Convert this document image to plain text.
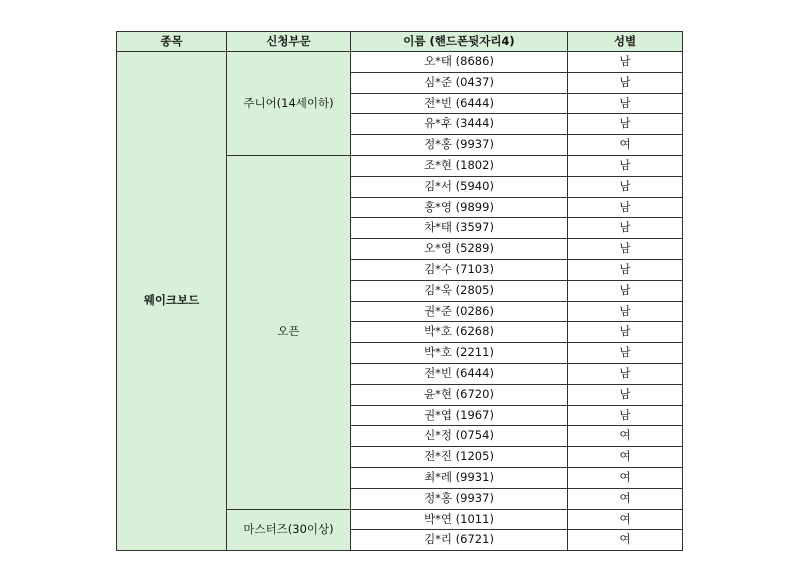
종목	신청부문	이름 (핸드폰뒷자리4)	성별
웨이크보드	주니어(14세이하)	오*태 (8686)	남
		심*준 (0437)	남
		전*빈 (6444)	남
		유*후 (3444)	남
		정*홍 (9937)	여
	오픈	조*현 (1802)	남
		김*서 (5940)	남
		홍*영 (9899)	남
		차*태 (3597)	남
		오*영 (5289)	남
		김*수 (7103)	남
		김*욱 (2805)	남
		권*준 (0286)	남
		박*호 (6268)	남
		박*호 (2211)	남
		전*빈 (6444)	남
		윤*현 (6720)	남
		권*엽 (1967)	남
		신*정 (0754)	여
		전*진 (1205)	여
		최*레 (9931)	여
		정*홍 (9937)	여
	마스터즈(30이상)	박*연 (1011)	여
		김*리 (6721)	여
